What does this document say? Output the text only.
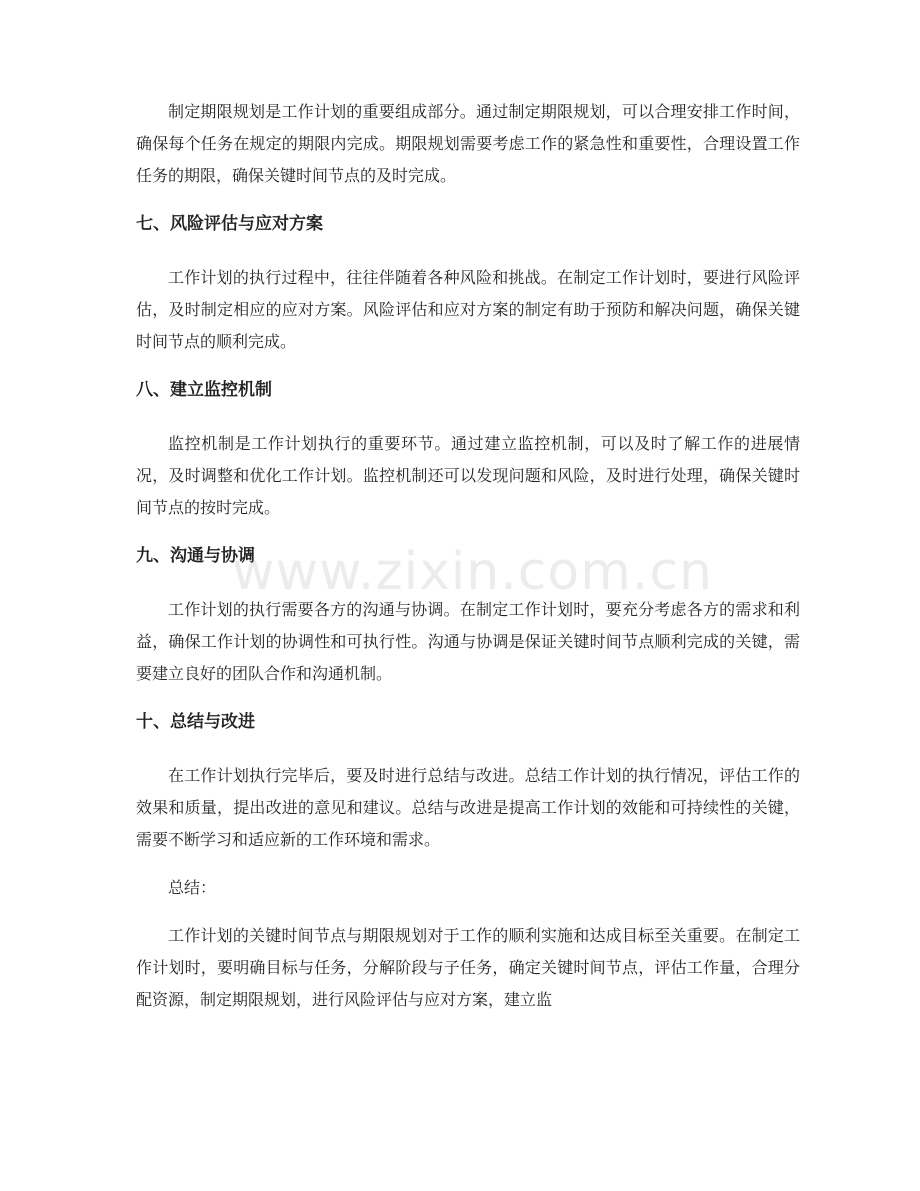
制定期限规划是工作计划的重要组成部分。通过制定期限规划，可以合理安排工作时间，确保每个任务在规定的期限内完成。期限规划需要考虑工作的紧急性和重要性，合理设置工作任务的期限，确保关键时间节点的及时完成。

七、风险评估与应对方案

工作计划的执行过程中，往往伴随着各种风险和挑战。在制定工作计划时，要进行风险评估，及时制定相应的应对方案。风险评估和应对方案的制定有助于预防和解决问题，确保关键时间节点的顺利完成。

八、建立监控机制

监控机制是工作计划执行的重要环节。通过建立监控机制，可以及时了解工作的进展情况，及时调整和优化工作计划。监控机制还可以发现问题和风险，及时进行处理，确保关键时间节点的按时完成。

九、沟通与协调

工作计划的执行需要各方的沟通与协调。在制定工作计划时，要充分考虑各方的需求和利益，确保工作计划的协调性和可执行性。沟通与协调是保证关键时间节点顺利完成的关键，需要建立良好的团队合作和沟通机制。

十、总结与改进

在工作计划执行完毕后，要及时进行总结与改进。总结工作计划的执行情况，评估工作的效果和质量，提出改进的意见和建议。总结与改进是提高工作计划的效能和可持续性的关键，需要不断学习和适应新的工作环境和需求。

总结：

工作计划的关键时间节点与期限规划对于工作的顺利实施和达成目标至关重要。在制定工作计划时，要明确目标与任务，分解阶段与子任务，确定关键时间节点，评估工作量，合理分配资源，制定期限规划，进行风险评估与应对方案，建立监

www.zixin.com.cn
